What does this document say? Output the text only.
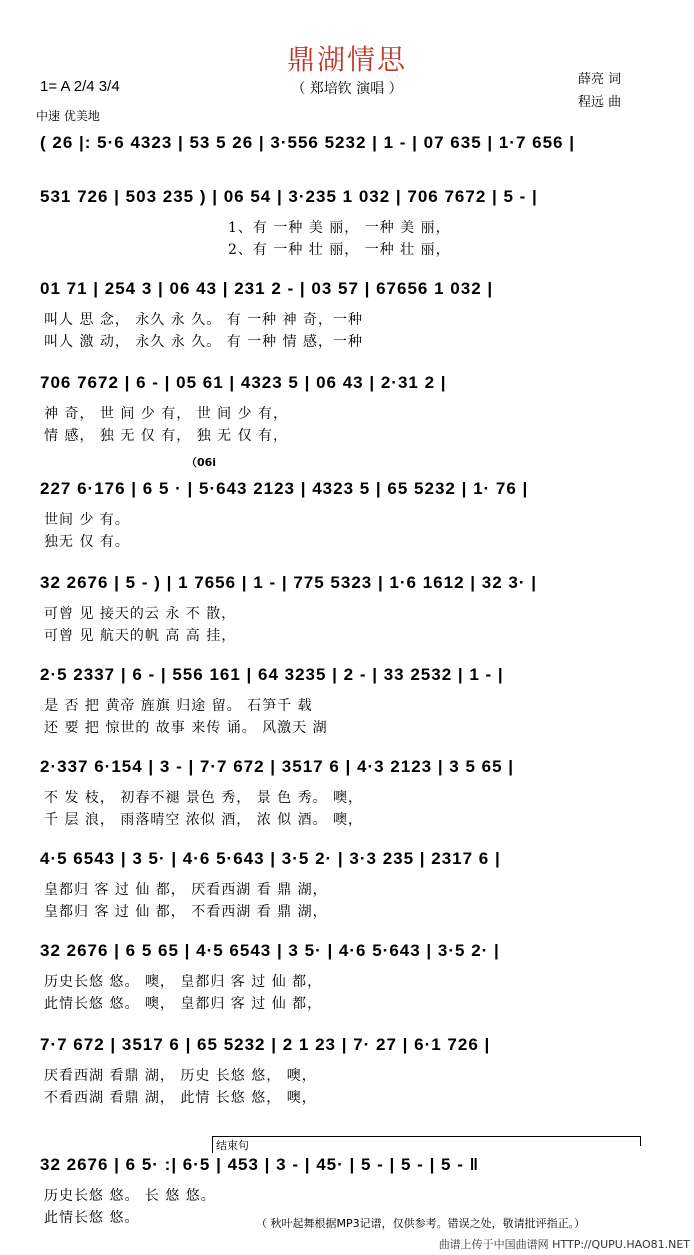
鼎湖情思
（ 郑培钦 演唱 ）
薛亮 词
程远 曲
1= A 2/4 3/4
中速 优美地
（06i
( 26 |: 5·6 4323 | 53 5 26 | 3·556 5232 | 1 - | 07 635 | 1·7 656 |
531 726 | 503 235 ) | 06 54 | 3·235 1 032 | 706 7672 | 5 - |
1、有 一种 美 丽， 一种 美 丽，
2、有 一种 壮 丽， 一种 壮 丽，
01 71 | 254 3 | 06 43 | 231 2 - | 03 57 | 67656 1 032 |
叫人 思 念， 永久 永 久。 有 一种 神 奇，一种
叫人 激 动， 永久 永 久。 有 一种 情 感，一种
706 7672 | 6 - | 05 61 | 4323 5 | 06 43 | 2·31 2 |
神 奇， 世 间 少 有， 世 间 少 有，
情 感， 独 无 仅 有， 独 无 仅 有，
227 6·176 | 6 5 · | 5·643 2123 | 4323 5 | 65 5232 | 1· 76 |
世间 少 有。
独无 仅 有。
32 2676 | 5 - ) | 1 7656 | 1 - | 775 5323 | 1·6 1612 | 32 3· |
可曾 见 接天的云 永 不 散，
可曾 见 航天的帆 高 高 挂，
2·5 2337 | 6 - | 556 161 | 64 3235 | 2 - | 33 2532 | 1 - |
是 否 把 黄帝 旌旗 归途 留。 石笋千 载
还 要 把 惊世的 故事 来传 诵。 风激天 湖
2·337 6·154 | 3 - | 7·7 672 | 3517 6 | 4·3 2123 | 3 5 65 |
不 发 枝， 初春不褪 景色 秀， 景 色 秀。 噢，
千 层 浪， 雨落晴空 浓似 酒， 浓 似 酒。 噢，
4·5 6543 | 3 5· | 4·6 5·643 | 3·5 2· | 3·3 235 | 2317 6 |
皇都归 客 过 仙 都， 厌看西湖 看 鼎 湖，
皇都归 客 过 仙 都， 不看西湖 看 鼎 湖，
32 2676 | 6 5 65 | 4·5 6543 | 3 5· | 4·6 5·643 | 3·5 2· |
历史长悠 悠。 噢， 皇都归 客 过 仙 都，
此情长悠 悠。 噢， 皇都归 客 过 仙 都，
7·7 672 | 3517 6 | 65 5232 | 2 1 23 | 7· 27 | 6·1 726 |
厌看西湖 看鼎 湖， 历史 长悠 悠， 噢，
不看西湖 看鼎 湖， 此情 长悠 悠， 噢，
32 2676 | 6 5· :| 6·5 | 453 | 3 - | 45· | 5 - | 5 - | 5 - ‖
历史长悠 悠。 长 悠 悠。
此情长悠 悠。
结束句
（ 秋叶起舞根据MP3记谱，仅供参考。错误之处，敬请批评指正。）
曲谱上传于中国曲谱网 HTTP://QUPU.HAO81.NET
